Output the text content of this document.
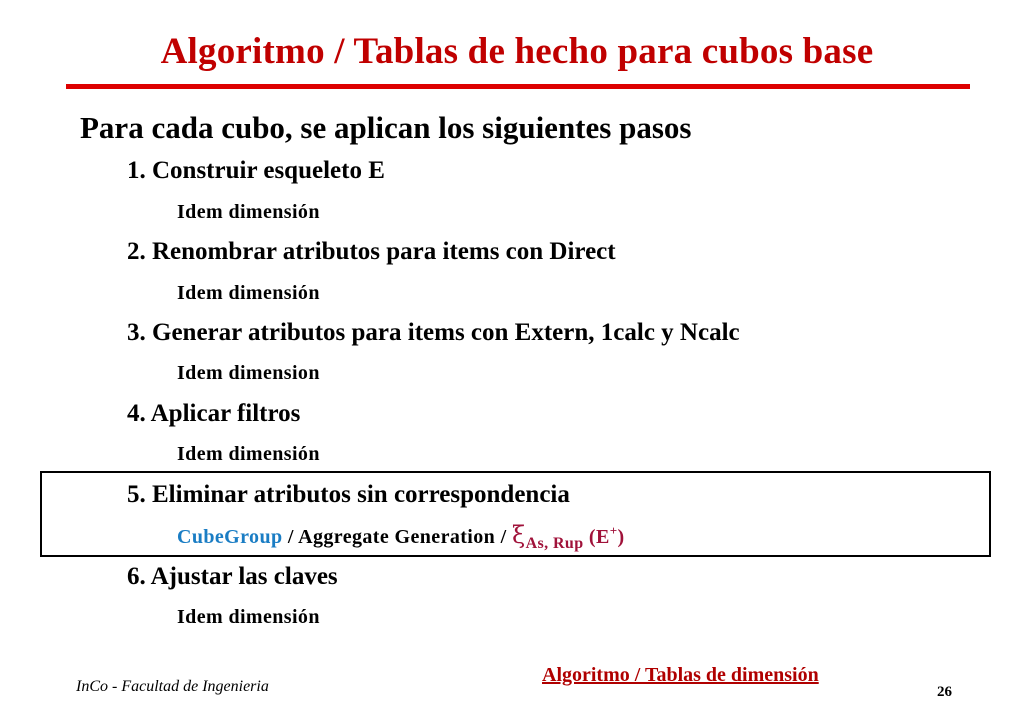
Algoritmo / Tablas de hecho para cubos base
Para cada cubo, se aplican los siguientes pasos
1. Construir esqueleto E
Idem dimensión
2. Renombrar atributos para items con Direct
Idem dimensión
3. Generar atributos para items con Extern, 1calc y Ncalc
Idem dimension
4. Aplicar filtros
Idem dimensión
5. Eliminar atributos sin correspondencia
CubeGroup / Aggregate Generation / $\xi_{As, Rup}$ (E+)
6. Ajustar las claves
Idem dimensión
InCo - Facultad de Ingenieria
Algoritmo / Tablas de dimensión
26
